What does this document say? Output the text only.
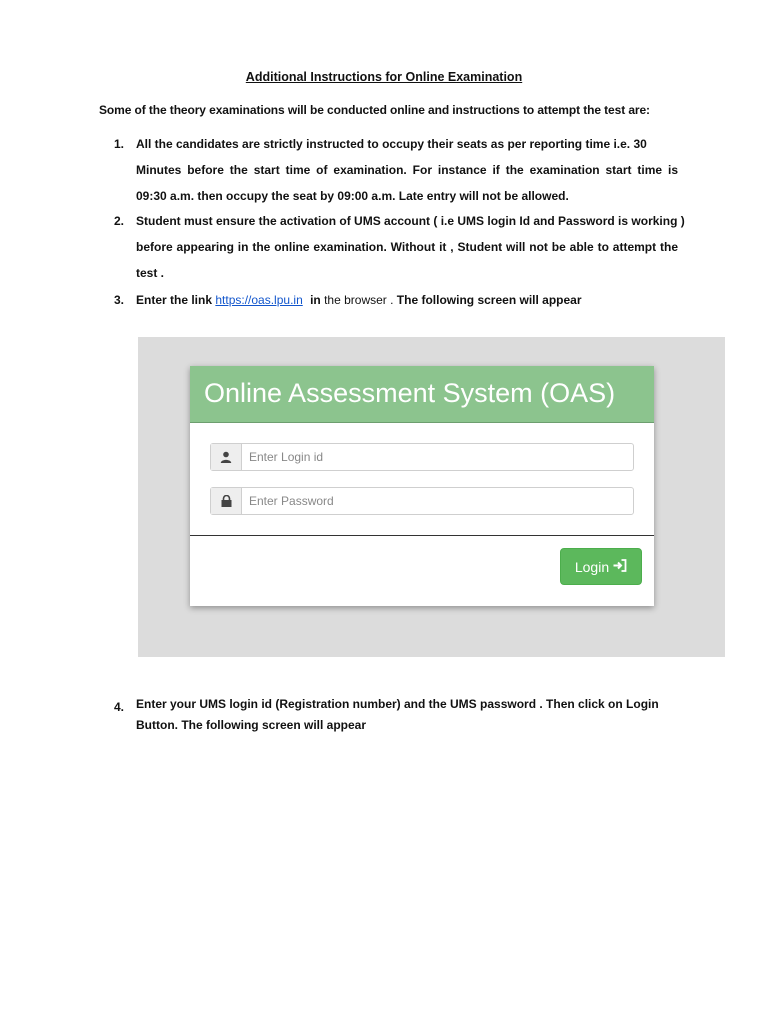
Additional Instructions for Online Examination
Some of the theory examinations will be conducted online and instructions to attempt the test are:
1. All the candidates are strictly instructed to occupy their seats as per reporting time i.e. 30
Minutes before the start time of examination. For instance if the examination start time is
09:30 a.m. then occupy the seat by 09:00 a.m. Late entry will not be allowed.
2. Student must ensure the activation of UMS account ( i.e UMS login Id and Password is working )
before appearing in the online examination. Without it , Student will not be able to attempt the
test .
3. Enter the link https://oas.lpu.in in the browser . The following screen will appear
Online Assessment System (OAS)
Enter Login id
Login
4. Enter your UMS login id (Registration number) and the UMS password . Then click on Login
Button. The following screen will appear
